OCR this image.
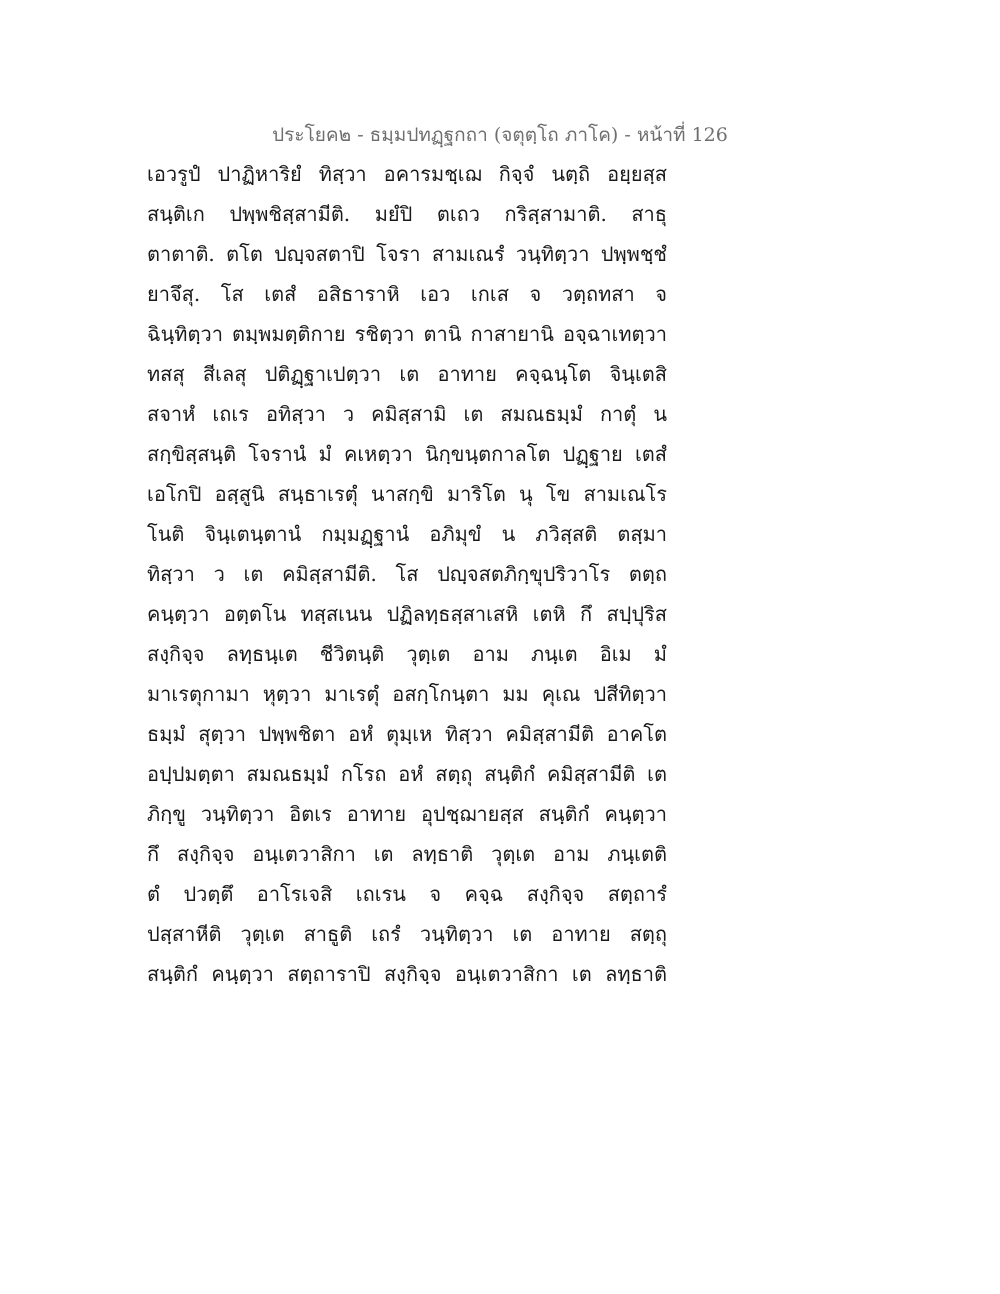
ประโยค๒ - ธมฺมปทฏฺฐกถา (จตุตฺโถ ภาโค) - หน้าที่ 126
เอวรูปํ ปาฏิหาริยํ ทิสฺวา อคารมชฺเฌ กิจฺจํ นตฺถิ อยฺยสฺส
สนฺติเก ปพฺพชิสฺสามีติ. มยํปิ ตเถว กริสฺสามาติ. สาธุ
ตาตาติ. ตโต ปญฺจสตาปิ โจรา สามเณรํ วนฺทิตฺวา ปพฺพชฺชํ
ยาจึสุ. โส เตสํ อสิธาราหิ เอว เกเส จ วตฺถทสา จ
ฉินฺทิตฺวา ตมฺพมตฺติกาย รชิตฺวา ตานิ กาสายานิ อจฺฉาเทตฺวา
ทสสุ สีเลสุ ปติฏฺฐาเปตฺวา เต อาทาย คจฺฉนฺโต จินฺเตสิ
สจาหํ เถเร อทิสฺวา ว คมิสฺสามิ เต สมณธมฺมํ กาตุํ น
สกฺขิสฺสนฺติ โจรานํ มํ คเหตฺวา นิกฺขนฺตกาลโต ปฏฺฐาย เตสํ
เอโกปิ อสฺสูนิ สนฺธาเรตุํ นาสกฺขิ มาริโต นุ โข สามเณโร
โนติ จินฺเตนฺตานํ กมฺมฏฺฐานํ อภิมุขํ น ภวิสฺสติ ตสฺมา
ทิสฺวา ว เต คมิสฺสามีติ. โส ปญฺจสตภิกฺขุปริวาโร ตตฺถ
คนฺตฺวา อตฺตโน ทสฺสเนน ปฏิลทฺธสฺสาเสหิ เตหิ กึ สปฺปุริส
สงฺกิจฺจ ลทฺธนฺเต ชีวิตนฺติ วุตฺเต อาม ภนฺเต อิเม มํ
มาเรตุกามา หุตฺวา มาเรตุํ อสกฺโกนฺตา มม คุเณ ปสีทิตฺวา
ธมฺมํ สุตฺวา ปพฺพชิตา อหํ ตุมฺเห ทิสฺวา คมิสฺสามีติ อาคโต
อปฺปมตฺตา สมณธมฺมํ กโรถ อหํ สตฺถุ สนฺติกํ คมิสฺสามีติ เต
ภิกฺขู วนฺทิตฺวา อิตเร อาทาย อุปชฺฌายสฺส สนฺติกํ คนฺตฺวา
กึ สงฺกิจฺจ อนฺเตวาสิกา เต ลทฺธาติ วุตฺเต อาม ภนฺเตติ
ตํ ปวตฺตึ อาโรเจสิ เถเรน จ คจฺฉ สงฺกิจฺจ สตฺถารํ
ปสฺสาหีติ วุตฺเต สาธูติ เถรํ วนฺทิตฺวา เต อาทาย สตฺถุ
สนฺติกํ คนฺตฺวา สตฺถาราปิ สงฺกิจฺจ อนฺเตวาสิกา เต ลทฺธาติ
